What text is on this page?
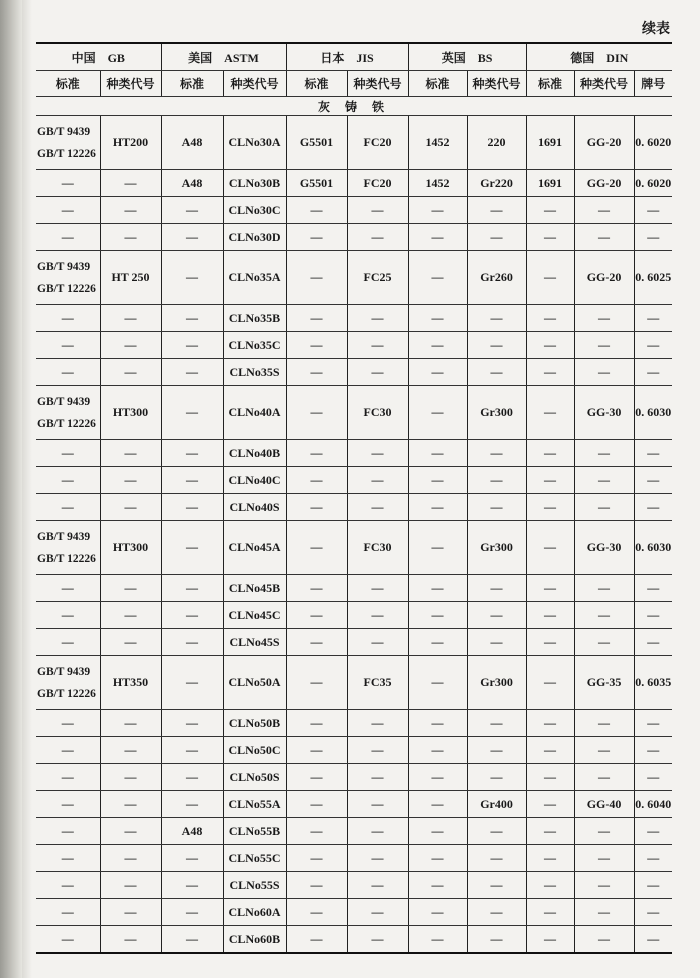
续表
中国　GB		美国　ASTM		日本　JIS		英国　BS		德国　DIN		
标准	种类代号	标准	种类代号	标准	种类代号	标准	种类代号	标准	种类代号	牌号
灰 铸 铁										

GB/T 9439
GB/T 12226	HT200	A48	CLNo30A	G5501	FC20	1452	220	1691	GG-20	0. 6020
—	—	A48	CLNo30B	G5501	FC20	1452	Gr220	1691	GG-20	0. 6020
—	—	—	CLNo30C	—	—	—	—	—	—	—
—	—	—	CLNo30D	—	—	—	—	—	—	—

GB/T 9439
GB/T 12226	HT 250	—	CLNo35A	—	FC25	—	Gr260	—	GG-20	0. 6025
—	—	—	CLNo35B	—	—	—	—	—	—	—
—	—	—	CLNo35C	—	—	—	—	—	—	—
—	—	—	CLNo35S	—	—	—	—	—	—	—

GB/T 9439
GB/T 12226	HT300	—	CLNo40A	—	FC30	—	Gr300	—	GG-30	0. 6030
—	—	—	CLNo40B	—	—	—	—	—	—	—
—	—	—	CLNo40C	—	—	—	—	—	—	—
—	—	—	CLNo40S	—	—	—	—	—	—	—

GB/T 9439
GB/T 12226	HT300	—	CLNo45A	—	FC30	—	Gr300	—	GG-30	0. 6030
—	—	—	CLNo45B	—	—	—	—	—	—	—
—	—	—	CLNo45C	—	—	—	—	—	—	—
—	—	—	CLNo45S	—	—	—	—	—	—	—

GB/T 9439
GB/T 12226	HT350	—	CLNo50A	—	FC35	—	Gr300	—	GG-35	0. 6035
—	—	—	CLNo50B	—	—	—	—	—	—	—
—	—	—	CLNo50C	—	—	—	—	—	—	—
—	—	—	CLNo50S	—	—	—	—	—	—	—
—	—	—	CLNo55A	—	—	—	Gr400	—	GG-40	0. 6040
—	—	A48	CLNo55B	—	—	—	—	—	—	—
—	—	—	CLNo55C	—	—	—	—	—	—	—
—	—	—	CLNo55S	—	—	—	—	—	—	—
—	—	—	CLNo60A	—	—	—	—	—	—	—
—	—	—	CLNo60B	—	—	—	—	—	—	—
